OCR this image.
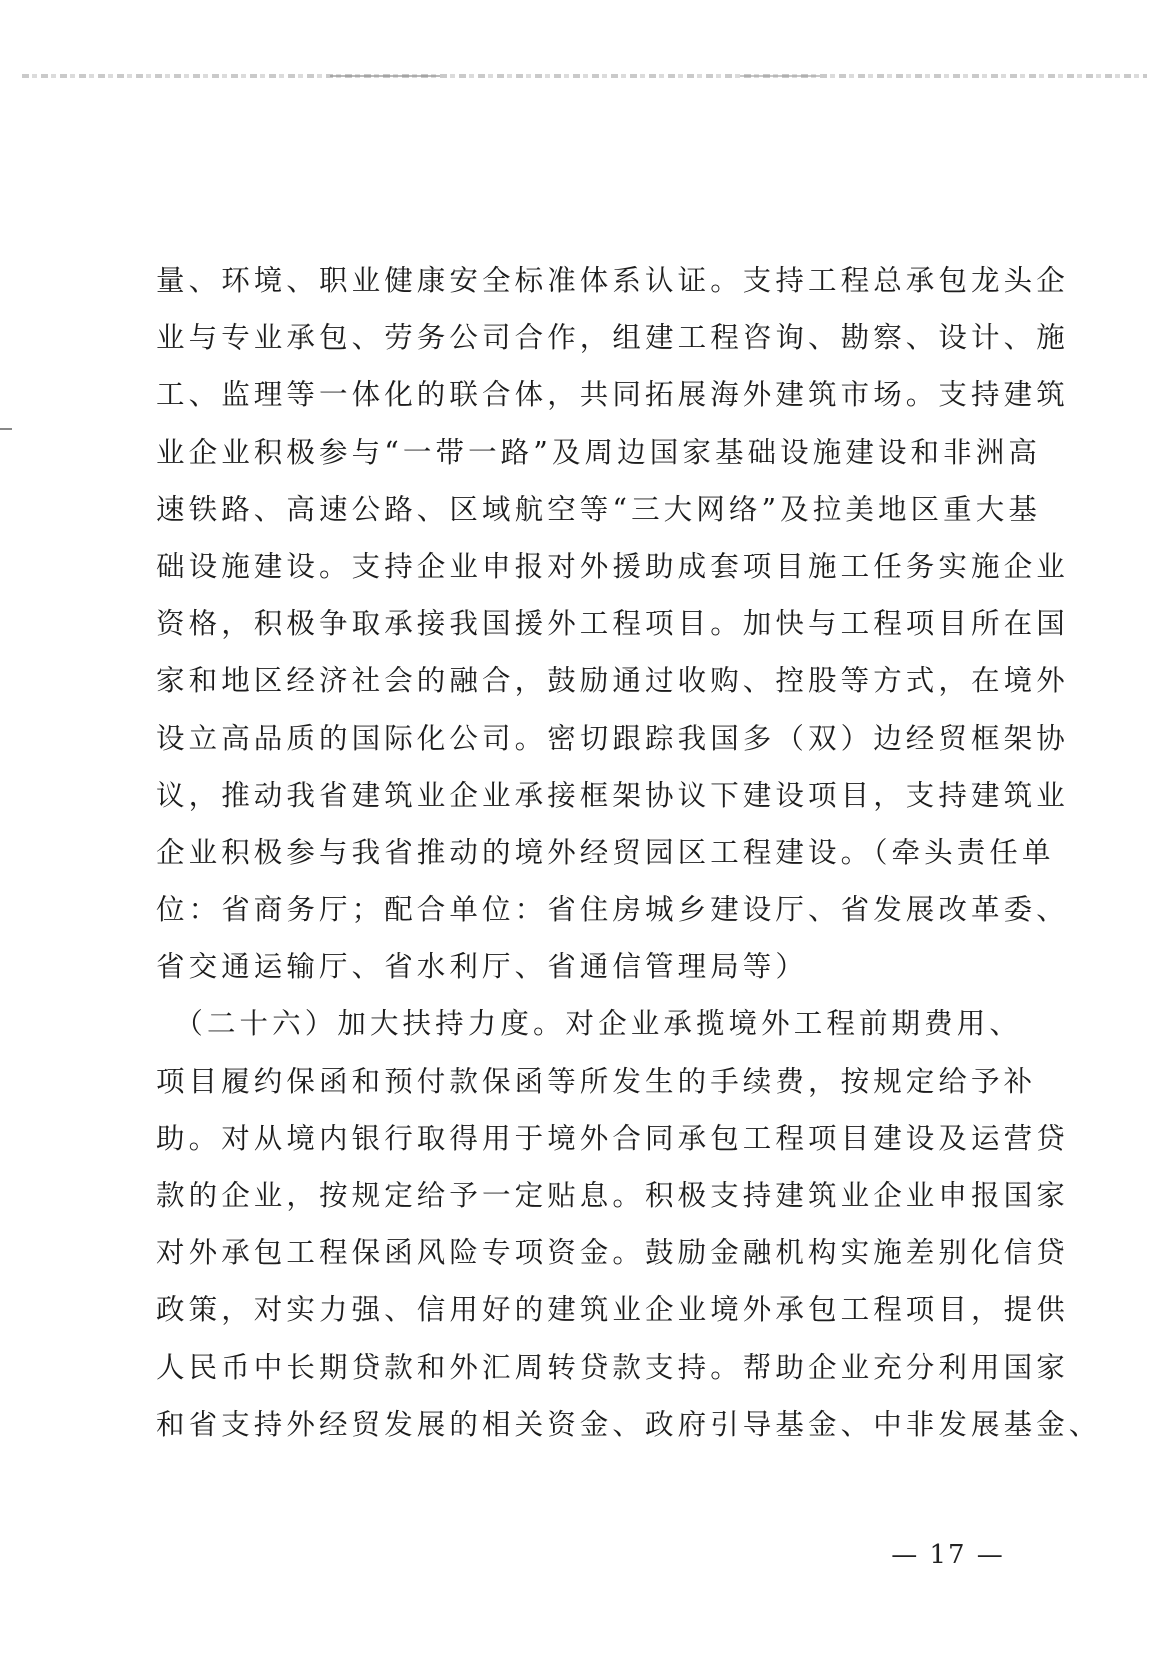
量、环境、职业健康安全标准体系认证。支持工程总承包龙头企

业与专业承包、劳务公司合作，组建工程咨询、勘察、设计、施

工、监理等一体化的联合体，共同拓展海外建筑市场。支持建筑

业企业积极参与“一带一路”及周边国家基础设施建设和非洲高

速铁路、高速公路、区域航空等“三大网络”及拉美地区重大基

础设施建设。支持企业申报对外援助成套项目施工任务实施企业

资格，积极争取承接我国援外工程项目。加快与工程项目所在国

家和地区经济社会的融合，鼓励通过收购、控股等方式，在境外

设立高品质的国际化公司。密切跟踪我国多（双）边经贸框架协

议，推动我省建筑业企业承接框架协议下建设项目，支持建筑业

企业积极参与我省推动的境外经贸园区工程建设。（牵头责任单

位：省商务厅；配合单位：省住房城乡建设厅、省发展改革委、

省交通运输厅、省水利厅、省通信管理局等）

　（二十六）加大扶持力度。对企业承揽境外工程前期费用、

项目履约保函和预付款保函等所发生的手续费，按规定给予补

助。对从境内银行取得用于境外合同承包工程项目建设及运营贷

款的企业，按规定给予一定贴息。积极支持建筑业企业申报国家

对外承包工程保函风险专项资金。鼓励金融机构实施差别化信贷

政策，对实力强、信用好的建筑业企业境外承包工程项目，提供

人民币中长期贷款和外汇周转贷款支持。帮助企业充分利用国家

和省支持外经贸发展的相关资金、政府引导基金、中非发展基金、

— 17 —
